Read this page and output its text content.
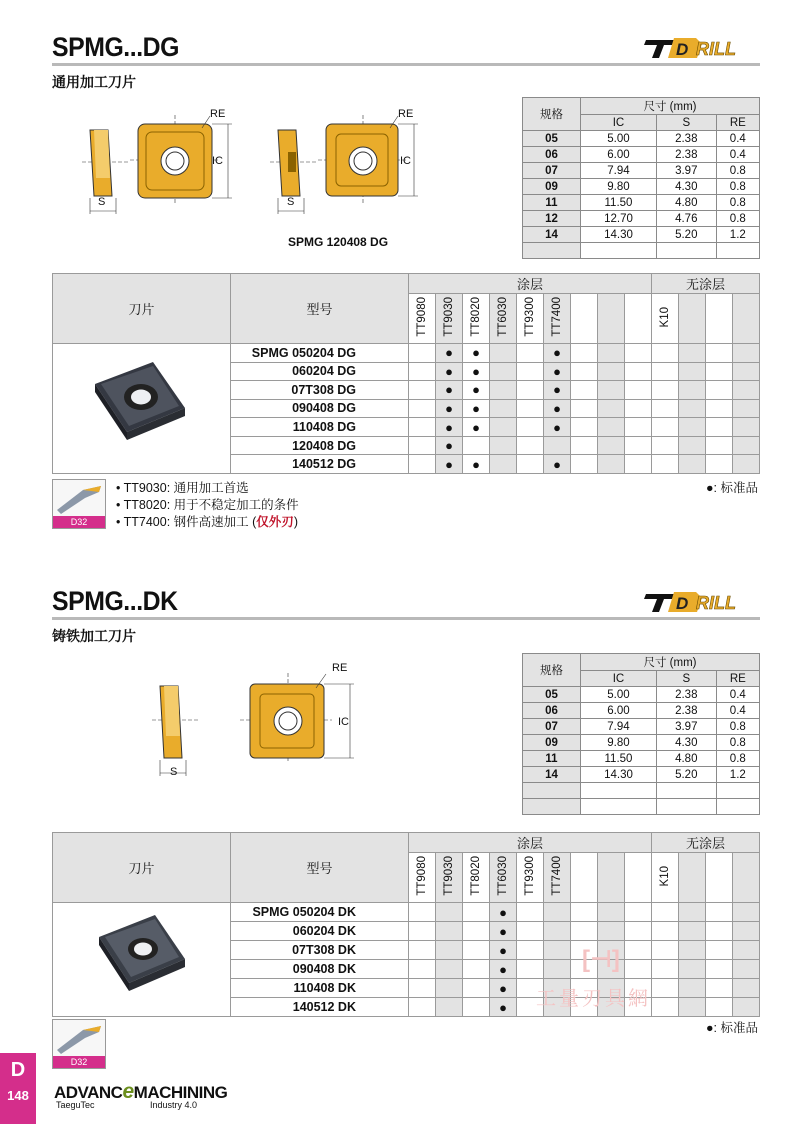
SPMG...DG	D RILL
通用加工刀片
S
RE
IC
S
RE
IC
SPMG 120408 DG
规格	尺寸 (mm)		
	IC	S	RE
05	5.00	2.38	0.4
06	6.00	2.38	0.4
07	7.94	3.97	0.8
09	9.80	4.30	0.8
11	11.50	4.80	0.8
12	12.70	4.76	0.8
14	14.30	5.20	1.2

刀片	型号	涂层									无涂层			
		TT9080	TT9030	TT8020	TT6030	TT9300	TT7400				K10			
	SPMG 050204 DG		●	●			●							
	060204 DG		●	●			●							
	07T308 DG		●	●			●							
	090408 DG		●	●			●							
	110408 DG		●	●			●							
	120408 DG		●											
	140512 DG		●	●			●							
D32
• TT9030: 通用加工首选
• TT8020: 用于不稳定加工的条件
• TT7400: 钢件高速加工 (仅外刃)
●: 标准品
SPMG...DK	D RILL
铸铁加工刀片
S
RE
IC
规格	尺寸 (mm)		
	IC	S	RE
05	5.00	2.38	0.4
06	6.00	2.38	0.4
07	7.94	3.97	0.8
09	9.80	4.30	0.8
11	11.50	4.80	0.8
14	14.30	5.20	1.2

刀片	型号	涂层									无涂层			
		TT9080	TT9030	TT8020	TT6030	TT9300	TT7400				K10			
	SPMG 050204 DK				●									
	060204 DK				●									
	07T308 DK				●									
	090408 DK				●									
	110408 DK				●									
	140512 DK				●									
[⊣]
工量刃具網
D32
●: 标准品
D
148	ADVANCeMACHINING
TaeguTec	Industry 4.0
